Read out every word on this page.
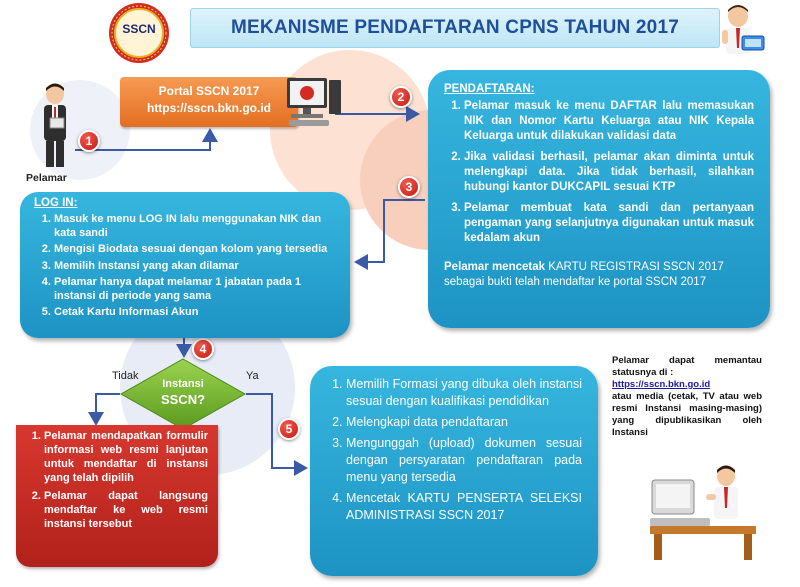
MEKANISME PENDAFTARAN CPNS TAHUN 2017
SSCN
Pelamar
Portal SSCN 2017
https://sscn.bkn.go.id
1
2
3
4
5
PENDAFTARAN:
1. Pelamar masuk ke menu DAFTAR lalu memasukan NIK dan Nomor Kartu Keluarga atau NIK Kepala Keluarga untuk dilakukan validasi data
2. Jika validasi berhasil, pelamar akan diminta untuk melengkapi data. Jika tidak berhasil, silahkan hubungi kantor DUKCAPIL sesuai KTP
3. Pelamar membuat kata sandi dan pertanyaan pengaman yang selanjutnya digunakan untuk masuk kedalam akun
Pelamar mencetak KARTU REGISTRASI SSCN 2017 sebagai bukti telah mendaftar ke portal SSCN 2017
LOG IN:
1. Masuk ke menu LOG IN lalu menggunakan NIK dan kata sandi
2. Mengisi Biodata sesuai dengan kolom yang tersedia
3. Memilih Instansi yang akan dilamar
4. Pelamar hanya dapat melamar 1 jabatan pada 1 instansi di periode yang sama
5. Cetak Kartu Informasi Akun
Instansi
SSCN?
Tidak	Ya
1. Pelamar mendapatkan formulir informasi web resmi lanjutan untuk mendaftar di instansi yang telah dipilih
2. Pelamar dapat langsung mendaftar ke web resmi instansi tersebut
1. Memilih Formasi yang dibuka oleh instansi sesuai dengan kualifikasi pendidikan
2. Melengkapi data pendaftaran
3. Mengunggah (upload) dokumen sesuai dengan persyaratan pendaftaran pada menu yang tersedia
4. Mencetak KARTU PENSERTA SELEKSI ADMINISTRASI SSCN 2017
Pelamar dapat memantau statusnya di :
https://sscn.bkn.go.id
atau media (cetak, TV atau web resmi Instansi masing-masing) yang dipublikasikan oleh Instansi
